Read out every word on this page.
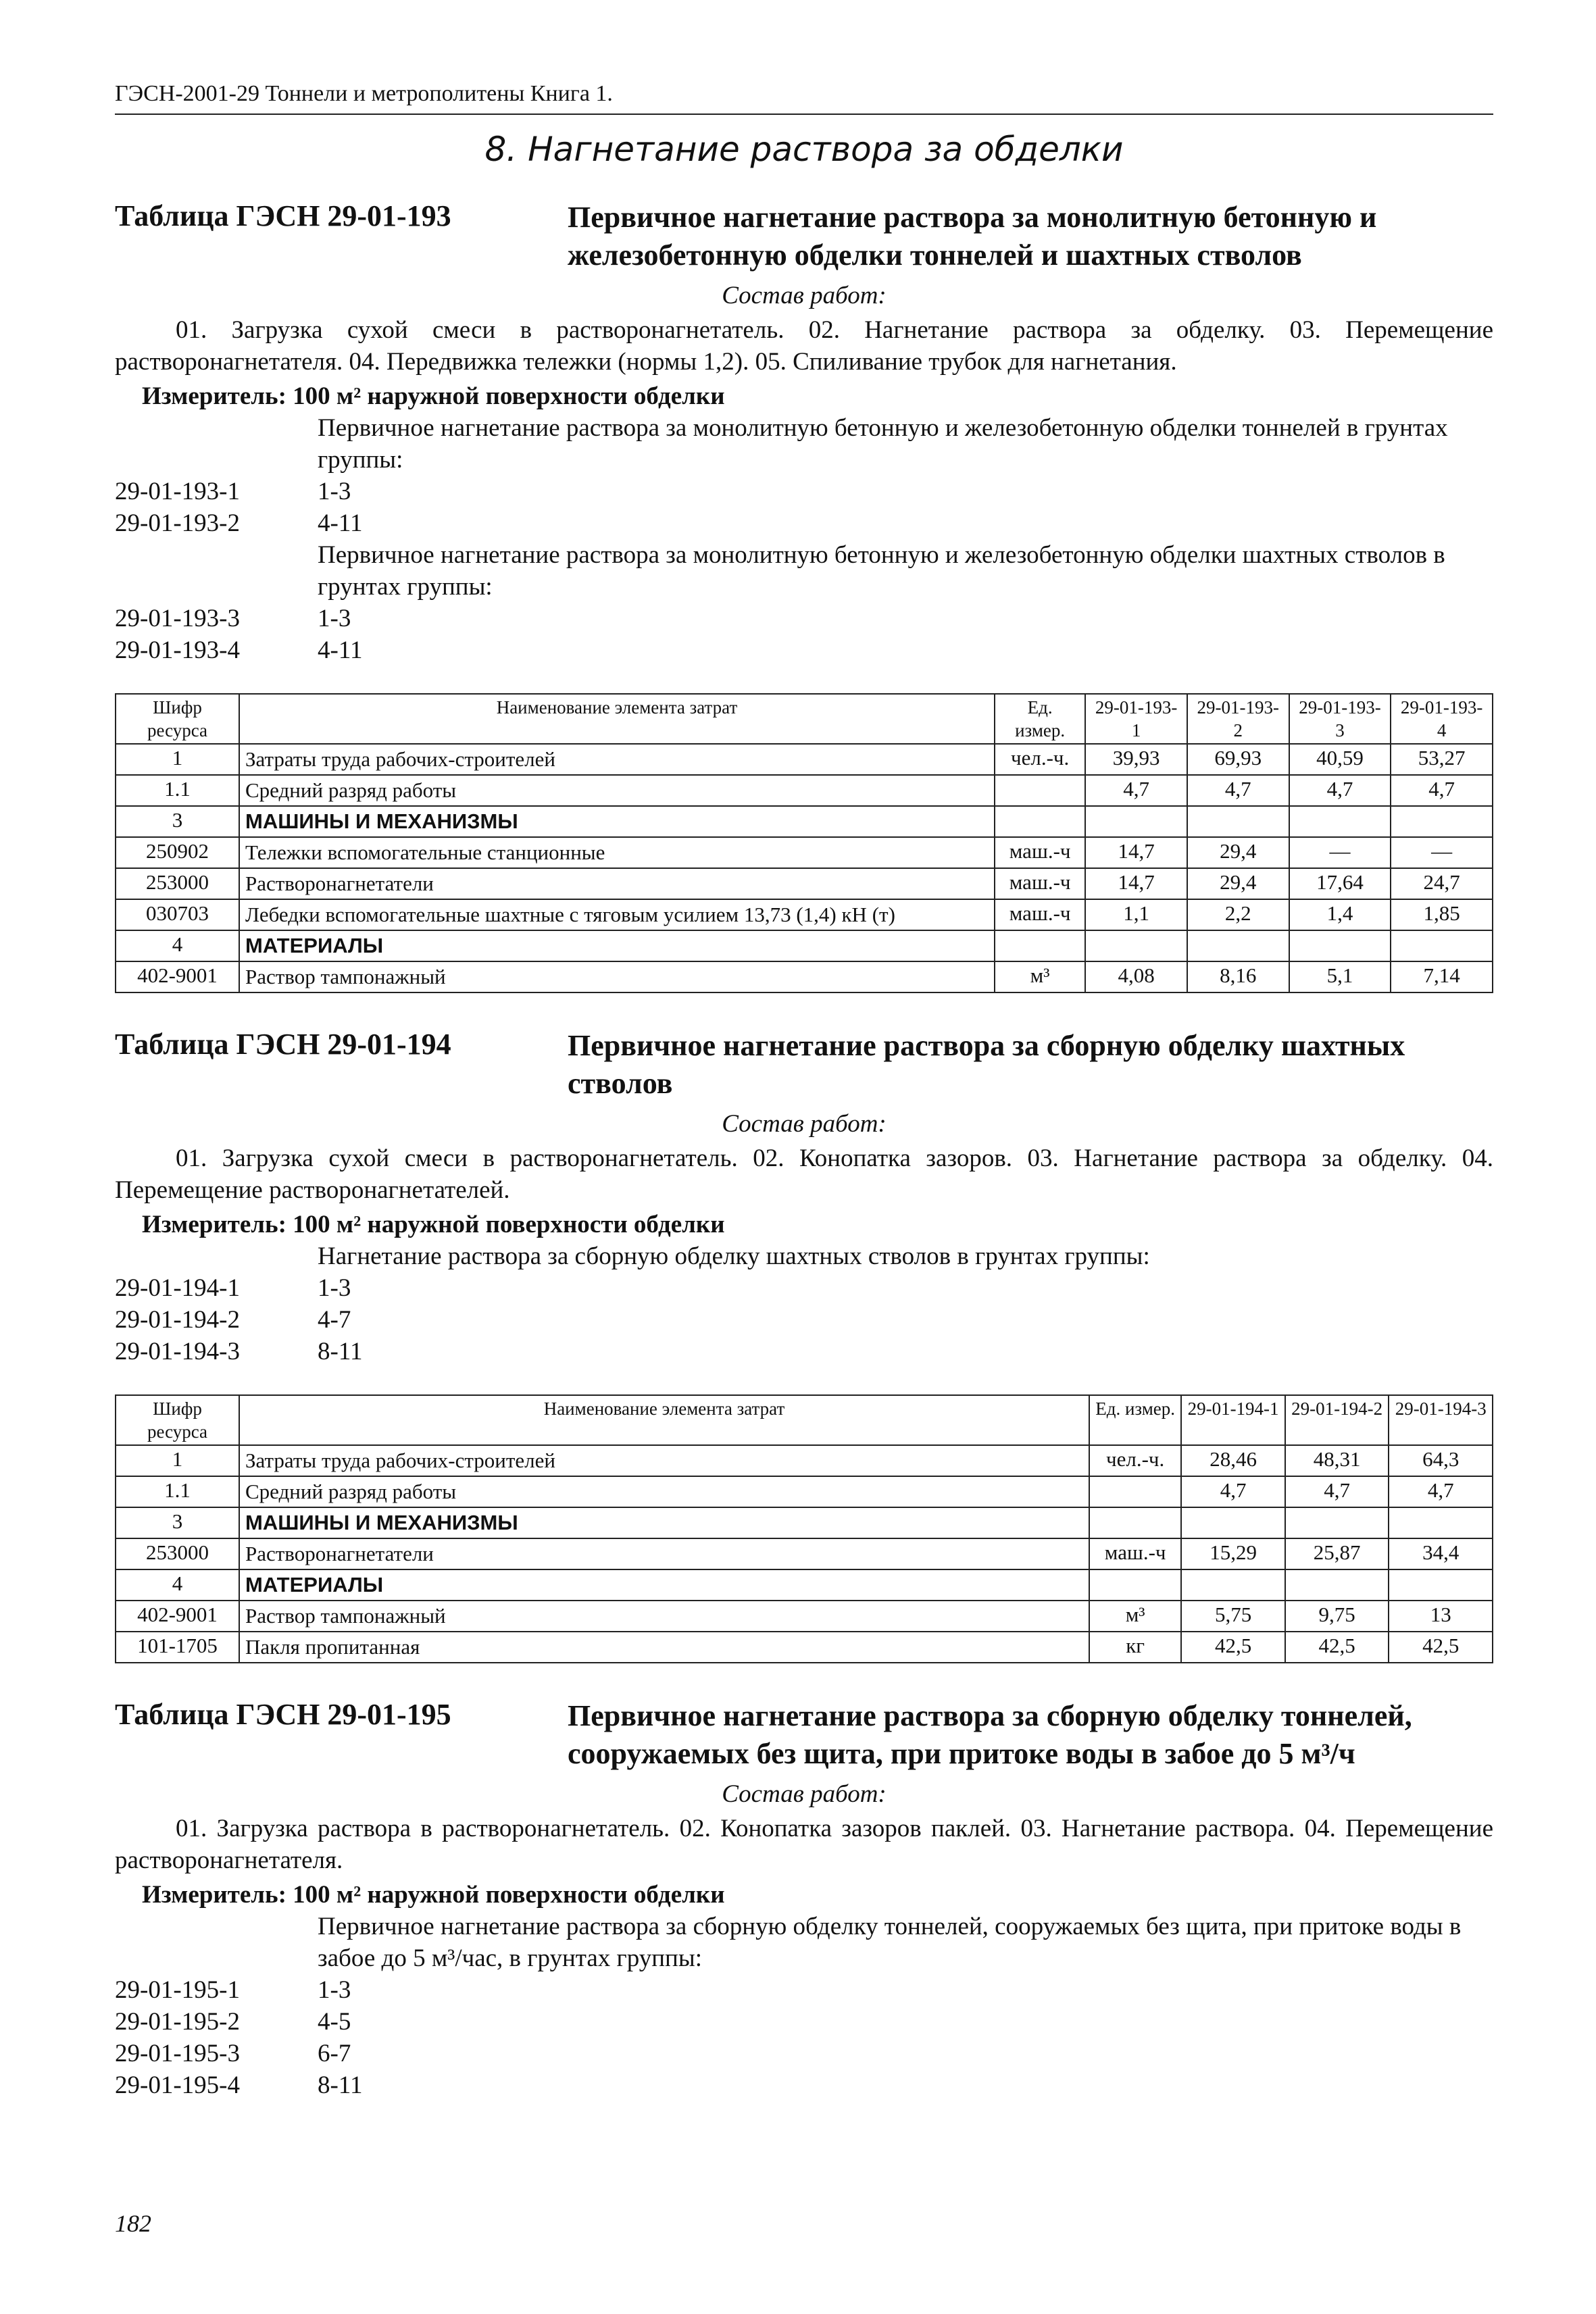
ГЭСН-2001-29 Тоннели и метрополитены Книга 1.
8. Нагнетание раствора за обделки
Таблица ГЭСН 29-01-193	Первичное нагнетание раствора за монолитную бетонную и железобетонную обделки тоннелей и шахтных стволов
Состав работ:
01. Загрузка сухой смеси в растворонагнетатель. 02. Нагнетание раствора за обделку. 03. Перемещение растворонагнетателя. 04. Передвижка тележки (нормы 1,2). 05. Спиливание трубок для нагнетания.
Измеритель: 100 м² наружной поверхности обделки
Первичное нагнетание раствора за монолитную бетонную и железобетонную обделки тоннелей в грунтах группы:
29-01-193-1	1-3
29-01-193-2	4-11
Первичное нагнетание раствора за монолитную бетонную и железобетонную обделки шахтных стволов в грунтах группы:
29-01-193-3	1-3
29-01-193-4	4-11
Шифр ресурса	Наименование элемента затрат	Ед. измер.	29-01-193-1	29-01-193-2	29-01-193-3	29-01-193-4
1	Затраты труда рабочих-строителей	чел.-ч.	39,93	69,93	40,59	53,27
1.1	Средний разряд работы		4,7	4,7	4,7	4,7
3	МАШИНЫ И МЕХАНИЗМЫ					
250902	Тележки вспомогательные станционные	маш.-ч	14,7	29,4	—	—
253000	Растворонагнетатели	маш.-ч	14,7	29,4	17,64	24,7
030703	Лебедки вспомогательные шахтные с тяговым усилием 13,73 (1,4) кН (т)	маш.-ч	1,1	2,2	1,4	1,85
4	МАТЕРИАЛЫ					
402-9001	Раствор тампонажный	м³	4,08	8,16	5,1	7,14
Таблица ГЭСН 29-01-194	Первичное нагнетание раствора за сборную обделку шахтных стволов
Состав работ:
01. Загрузка сухой смеси в растворонагнетатель. 02. Конопатка зазоров. 03. Нагнетание раствора за обделку. 04. Перемещение растворонагнетателей.
Измеритель: 100 м² наружной поверхности обделки
Нагнетание раствора за сборную обделку шахтных стволов в грунтах группы:
29-01-194-1	1-3
29-01-194-2	4-7
29-01-194-3	8-11
Шифр ресурса	Наименование элемента затрат	Ед. измер.	29-01-194-1	29-01-194-2	29-01-194-3
1	Затраты труда рабочих-строителей	чел.-ч.	28,46	48,31	64,3
1.1	Средний разряд работы		4,7	4,7	4,7
3	МАШИНЫ И МЕХАНИЗМЫ				
253000	Растворонагнетатели	маш.-ч	15,29	25,87	34,4
4	МАТЕРИАЛЫ				
402-9001	Раствор тампонажный	м³	5,75	9,75	13
101-1705	Пакля пропитанная	кг	42,5	42,5	42,5
Таблица ГЭСН 29-01-195	Первичное нагнетание раствора за сборную обделку тоннелей, сооружаемых без щита, при притоке воды в забое до 5 м³/ч
Состав работ:
01. Загрузка раствора в растворонагнетатель. 02. Конопатка зазоров паклей. 03. Нагнетание раствора. 04. Перемещение растворонагнетателя.
Измеритель: 100 м² наружной поверхности обделки
Первичное нагнетание раствора за сборную обделку тоннелей, сооружаемых без щита, при притоке воды в забое до 5 м³/час, в грунтах группы:
29-01-195-1	1-3
29-01-195-2	4-5
29-01-195-3	6-7
29-01-195-4	8-11
182
